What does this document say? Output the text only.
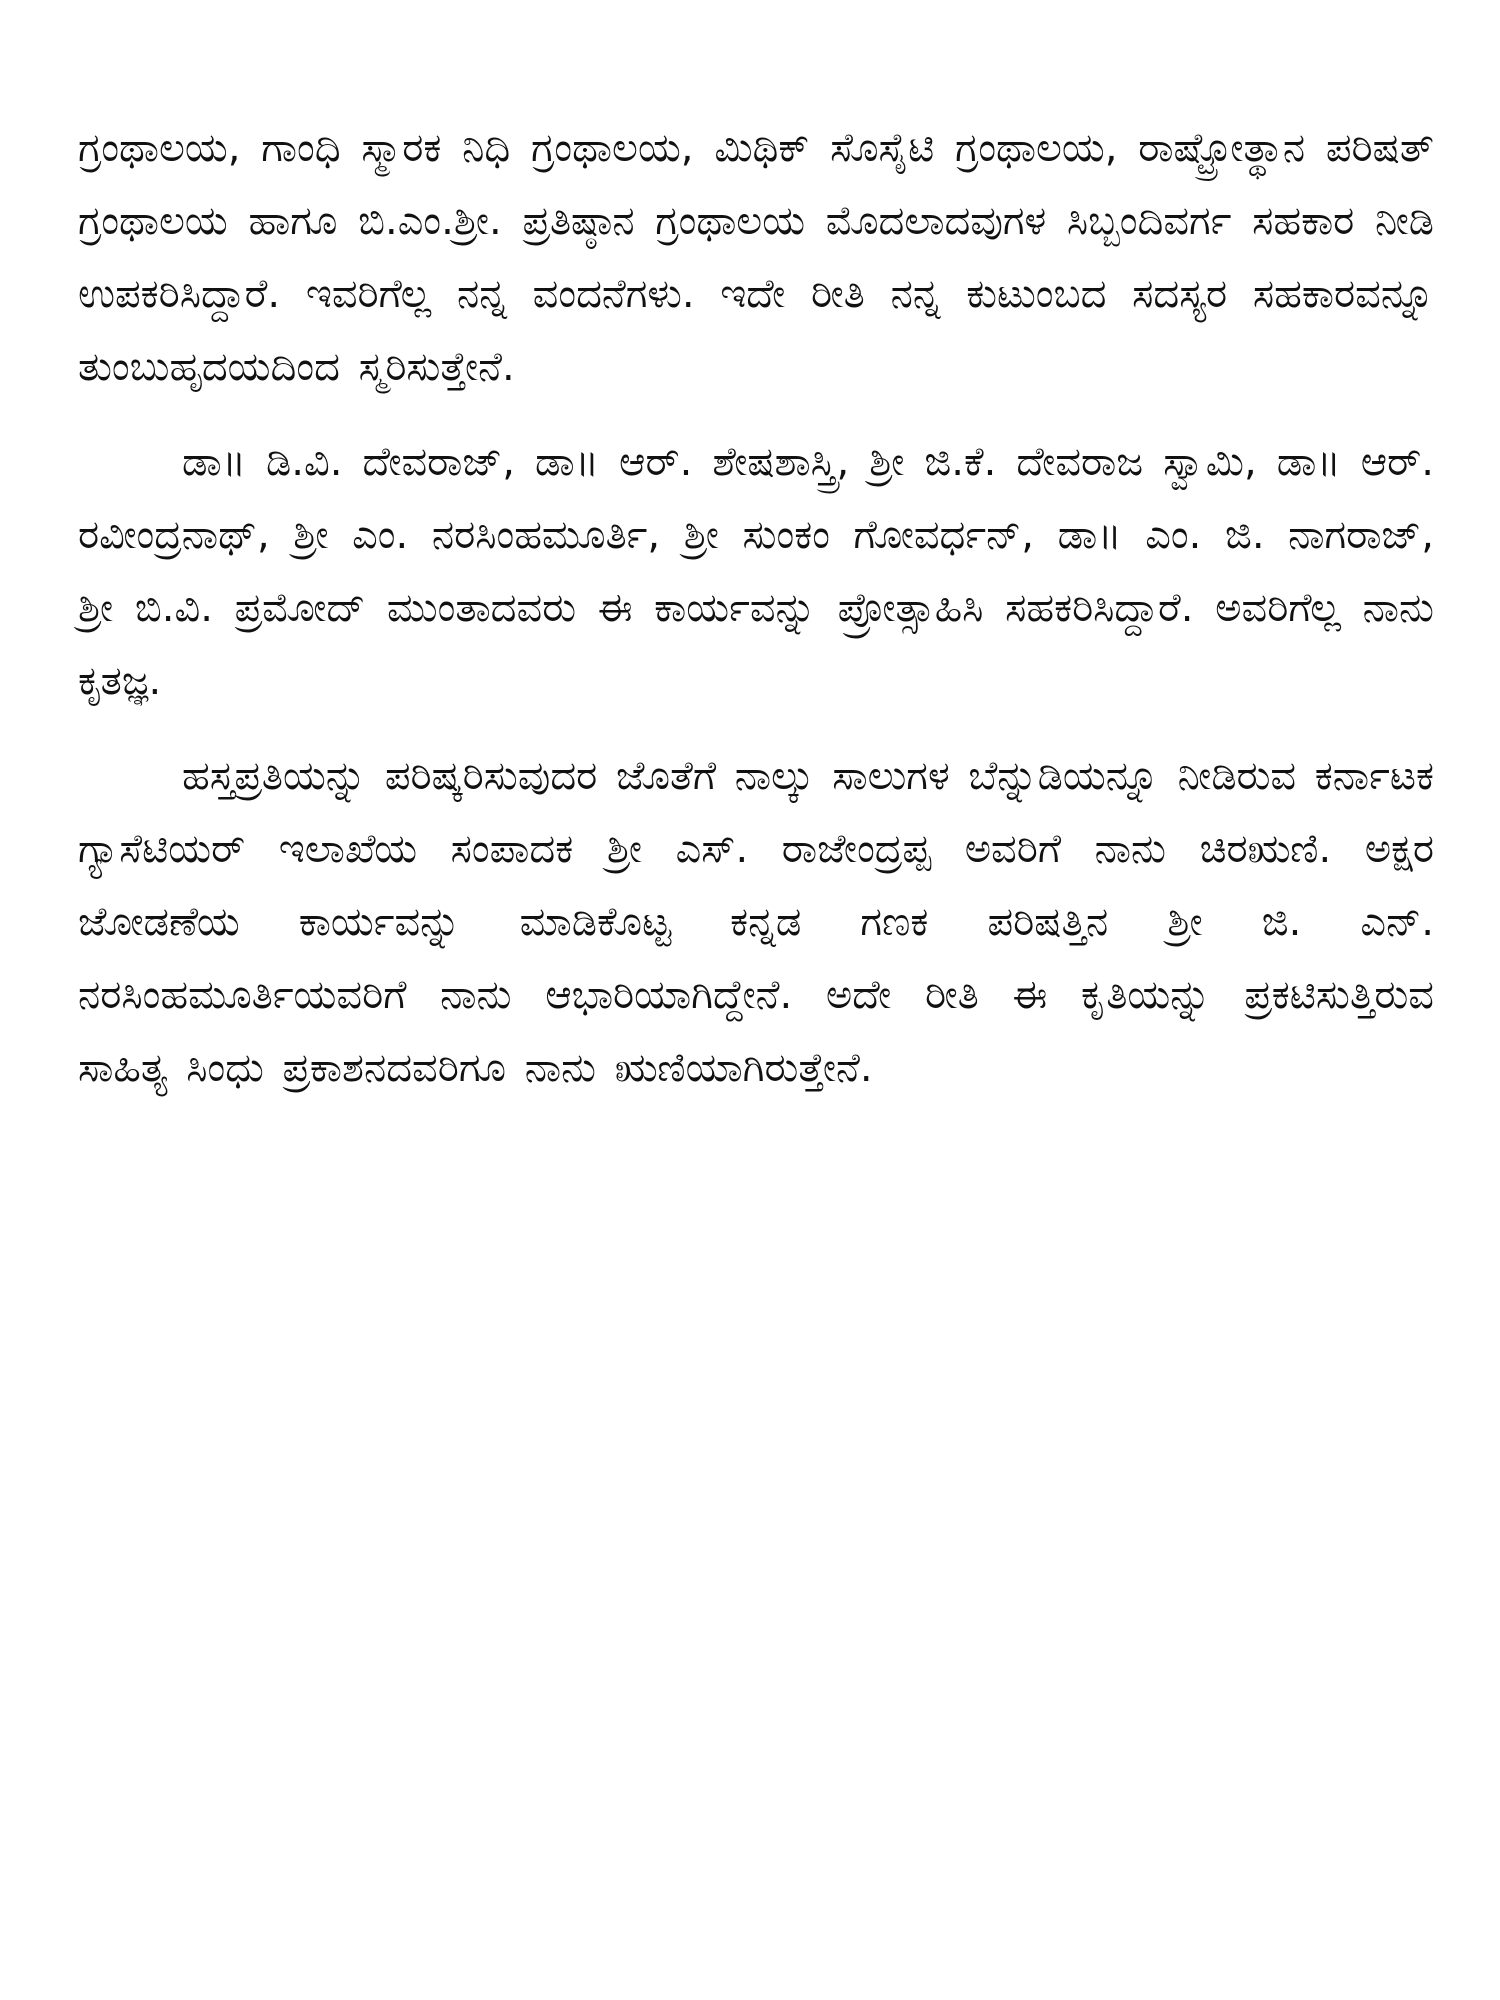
ಗ್ರಂಥಾಲಯ, ಗಾಂಧಿ ಸ್ಮಾರಕ ನಿಧಿ ಗ್ರಂಥಾಲಯ, ಮಿಥಿಕ್ ಸೊಸೈಟಿ ಗ್ರಂಥಾಲಯ, ರಾಷ್ಟ್ರೋತ್ಥಾನ ಪರಿಷತ್ ಗ್ರಂಥಾಲಯ ಹಾಗೂ ಬಿ.ಎಂ.ಶ್ರೀ. ಪ್ರತಿಷ್ಠಾನ ಗ್ರಂಥಾಲಯ ಮೊದಲಾದವುಗಳ ಸಿಬ್ಬಂದಿವರ್ಗ ಸಹಕಾರ ನೀಡಿ ಉಪಕರಿಸಿದ್ದಾರೆ. ಇವರಿಗೆಲ್ಲ ನನ್ನ ವಂದನೆಗಳು. ಇದೇ ರೀತಿ ನನ್ನ ಕುಟುಂಬದ ಸದಸ್ಯರ ಸಹಕಾರವನ್ನೂ ತುಂಬುಹೃದಯದಿಂದ ಸ್ಮರಿಸುತ್ತೇನೆ.

ಡಾ॥ ಡಿ.ವಿ. ದೇವರಾಜ್, ಡಾ॥ ಆರ್. ಶೇಷಶಾಸ್ತ್ರಿ, ಶ್ರೀ ಜಿ.ಕೆ. ದೇವರಾಜ ಸ್ವಾಮಿ, ಡಾ॥ ಆರ್. ರವೀಂದ್ರನಾಥ್, ಶ್ರೀ ಎಂ. ನರಸಿಂಹಮೂರ್ತಿ, ಶ್ರೀ ಸುಂಕಂ ಗೋವರ್ಧನ್, ಡಾ॥ ಎಂ. ಜಿ. ನಾಗರಾಜ್, ಶ್ರೀ ಬಿ.ವಿ. ಪ್ರಮೋದ್ ಮುಂತಾದವರು ಈ ಕಾರ್ಯವನ್ನು ಪ್ರೋತ್ಸಾಹಿಸಿ ಸಹಕರಿಸಿದ್ದಾರೆ. ಅವರಿಗೆಲ್ಲ ನಾನು ಕೃತಜ್ಞ.

ಹಸ್ತಪ್ರತಿಯನ್ನು ಪರಿಷ್ಕರಿಸುವುದರ ಜೊತೆಗೆ ನಾಲ್ಕು ಸಾಲುಗಳ ಬೆನ್ನುಡಿಯನ್ನೂ ನೀಡಿರುವ ಕರ್ನಾಟಕ ಗ್ಯಾಸೆಟಿಯರ್ ಇಲಾಖೆಯ ಸಂಪಾದಕ ಶ್ರೀ ಎಸ್. ರಾಜೇಂದ್ರಪ್ಪ ಅವರಿಗೆ ನಾನು ಚಿರಋಣಿ. ಅಕ್ಷರ ಜೋಡಣೆಯ ಕಾರ್ಯವನ್ನು ಮಾಡಿಕೊಟ್ಟ ಕನ್ನಡ ಗಣಕ ಪರಿಷತ್ತಿನ ಶ್ರೀ ಜಿ. ಎನ್. ನರಸಿಂಹಮೂರ್ತಿಯವರಿಗೆ ನಾನು ಆಭಾರಿಯಾಗಿದ್ದೇನೆ. ಅದೇ ರೀತಿ ಈ ಕೃತಿಯನ್ನು ಪ್ರಕಟಿಸುತ್ತಿರುವ ಸಾಹಿತ್ಯ ಸಿಂಧು ಪ್ರಕಾಶನದವರಿಗೂ ನಾನು ಋಣಿಯಾಗಿರುತ್ತೇನೆ.
